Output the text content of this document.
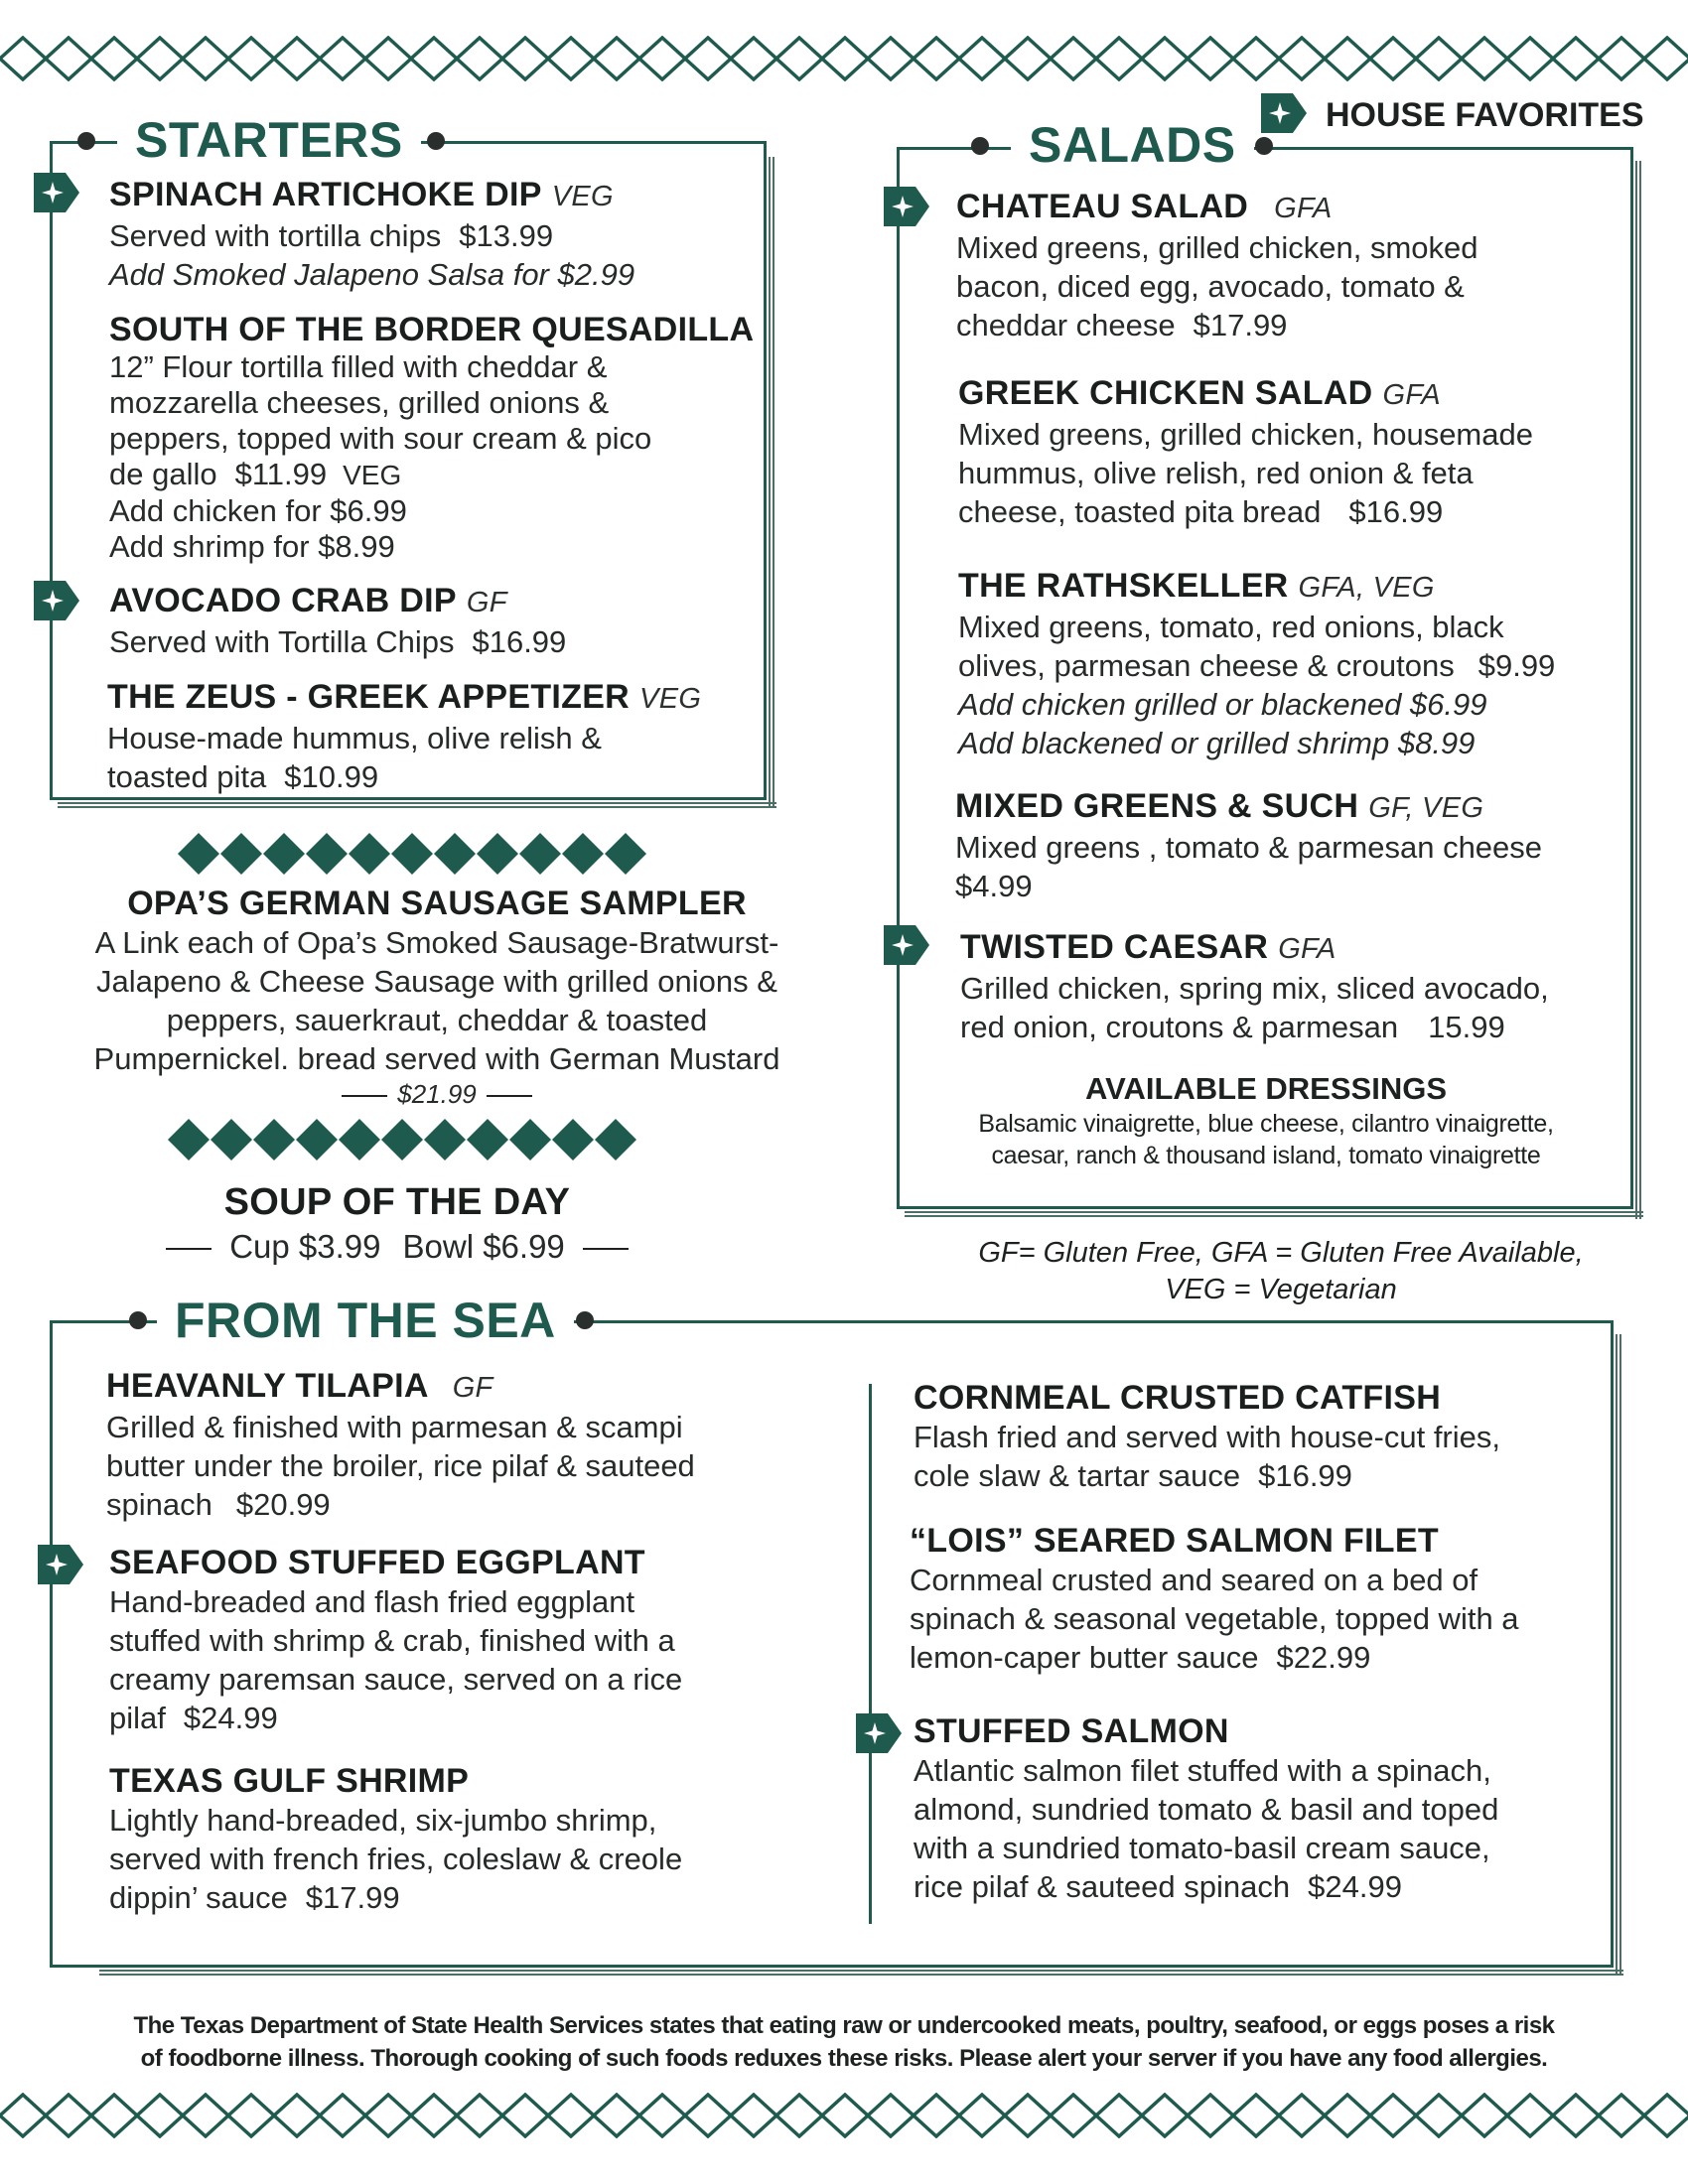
HOUSE FAVORITES
STARTERS
SPINACH ARTICHOKE DIP VEG
Served with tortilla chips $13.99
Add Smoked Jalapeno Salsa for $2.99
SOUTH OF THE BORDER QUESADILLA
12” Flour tortilla filled with cheddar &
mozzarella cheeses, grilled onions &
peppers, topped with sour cream & pico
de gallo $11.99 VEG
Add chicken for $6.99
Add shrimp for $8.99
AVOCADO CRAB DIP GF
Served with Tortilla Chips $16.99
THE ZEUS - GREEK APPETIZER VEG
House-made hummus, olive relish &
toasted pita $10.99
OPA’S GERMAN SAUSAGE SAMPLER
A Link each of Opa’s Smoked Sausage-Bratwurst-
Jalapeno & Cheese Sausage with grilled onions &
peppers, sauerkraut, cheddar & toasted
Pumpernickel. bread served with German Mustard
$21.99
SOUP OF THE DAY
Cup $3.99 Bowl $6.99
SALADS
CHATEAU SALAD GFA
Mixed greens, grilled chicken, smoked
bacon, diced egg, avocado, tomato &
cheddar cheese $17.99
GREEK CHICKEN SALAD GFA
Mixed greens, grilled chicken, housemade
hummus, olive relish, red onion & feta
cheese, toasted pita bread $16.99
THE RATHSKELLER GFA, VEG
Mixed greens, tomato, red onions, black
olives, parmesan cheese & croutons $9.99
Add chicken grilled or blackened $6.99
Add blackened or grilled shrimp $8.99
MIXED GREENS & SUCH GF, VEG
Mixed greens , tomato & parmesan cheese
$4.99
TWISTED CAESAR GFA
Grilled chicken, spring mix, sliced avocado,
red onion, croutons & parmesan 15.99
AVAILABLE DRESSINGS
Balsamic vinaigrette, blue cheese, cilantro vinaigrette,
caesar, ranch & thousand island, tomato vinaigrette
GF= Gluten Free, GFA = Gluten Free Available,
VEG = Vegetarian
FROM THE SEA
HEAVANLY TILAPIA GF
Grilled & finished with parmesan & scampi
butter under the broiler, rice pilaf & sauteed
spinach $20.99
SEAFOOD STUFFED EGGPLANT
Hand-breaded and flash fried eggplant
stuffed with shrimp & crab, finished with a
creamy paremsan sauce, served on a rice
pilaf $24.99
TEXAS GULF SHRIMP
Lightly hand-breaded, six-jumbo shrimp,
served with french fries, coleslaw & creole
dippin’ sauce $17.99
CORNMEAL CRUSTED CATFISH
Flash fried and served with house-cut fries,
cole slaw & tartar sauce $16.99
“LOIS” SEARED SALMON FILET
Cornmeal crusted and seared on a bed of
spinach & seasonal vegetable, topped with a
lemon-caper butter sauce $22.99
STUFFED SALMON
Atlantic salmon filet stuffed with a spinach,
almond, sundried tomato & basil and toped
with a sundried tomato-basil cream sauce,
rice pilaf & sauteed spinach $24.99
The Texas Department of State Health Services states that eating raw or undercooked meats, poultry, seafood, or eggs poses a risk
of foodborne illness. Thorough cooking of such foods reduxes these risks. Please alert your server if you have any food allergies.
